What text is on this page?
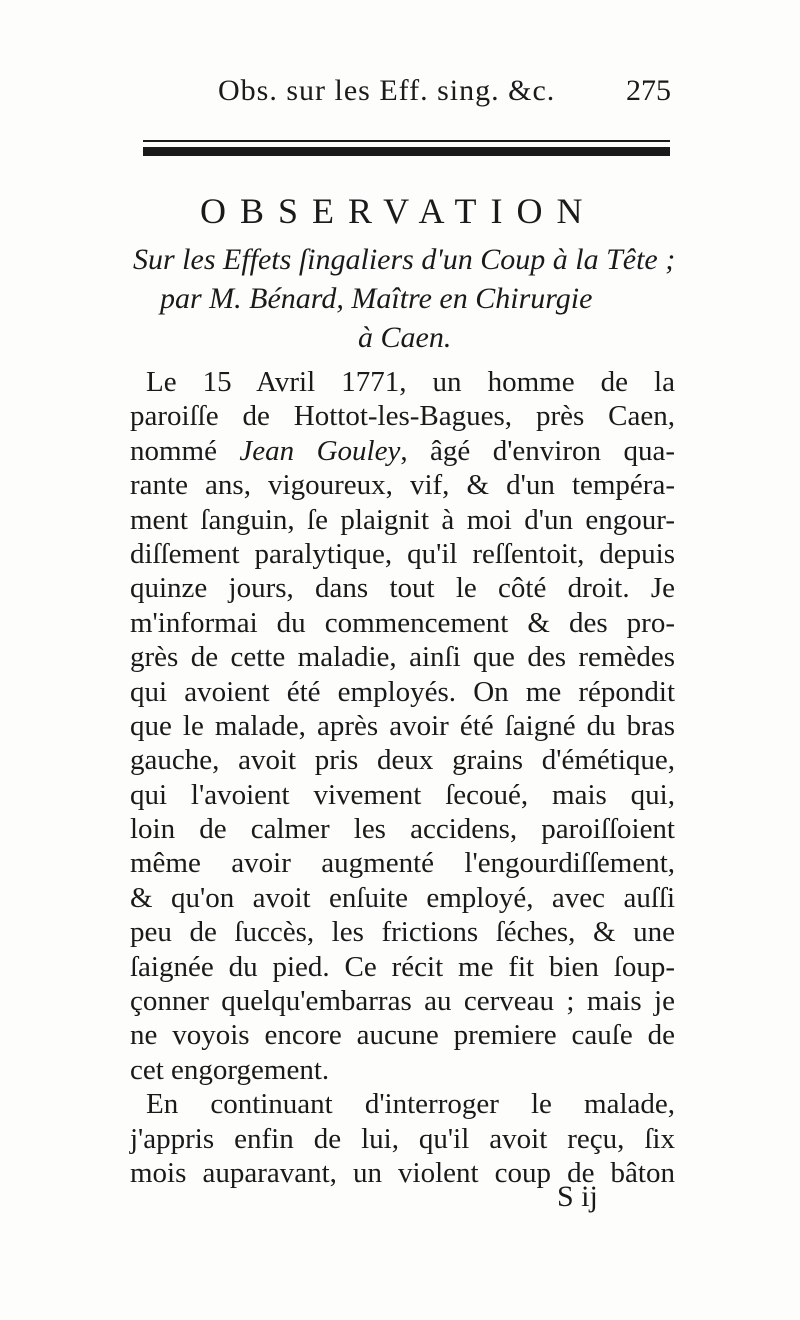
Obs. sur les Eff. sing. &c. 275
OBSERVATION
Sur les Effets ſingaliers d'un Coup à la Tête ;
par M. Bénard, Maître en Chirurgie
à Caen.
Le 15 Avril 1771, un homme de la
paroiſſe de Hottot-les-Bagues, près Caen,
nommé Jean Gouley, âgé d'environ qua-
rante ans, vigoureux, vif, & d'un tempéra-
ment ſanguin, ſe plaignit à moi d'un engour-
diſſement paralytique, qu'il reſſentoit, depuis
quinze jours, dans tout le côté droit. Je
m'informai du commencement & des pro-
grès de cette maladie, ainſi que des remèdes
qui avoient été employés. On me répondit
que le malade, après avoir été ſaigné du bras
gauche, avoit pris deux grains d'émétique,
qui l'avoient vivement ſecoué, mais qui,
loin de calmer les accidens, paroiſſoient
même avoir augmenté l'engourdiſſement,
& qu'on avoit enſuite employé, avec auſſi
peu de ſuccès, les frictions ſéches, & une
ſaignée du pied. Ce récit me fit bien ſoup-
çonner quelqu'embarras au cerveau ; mais je
ne voyois encore aucune premiere cauſe de
cet engorgement.
En continuant d'interroger le malade,
j'appris enfin de lui, qu'il avoit reçu, ſix
mois auparavant, un violent coup de bâton
S ij
